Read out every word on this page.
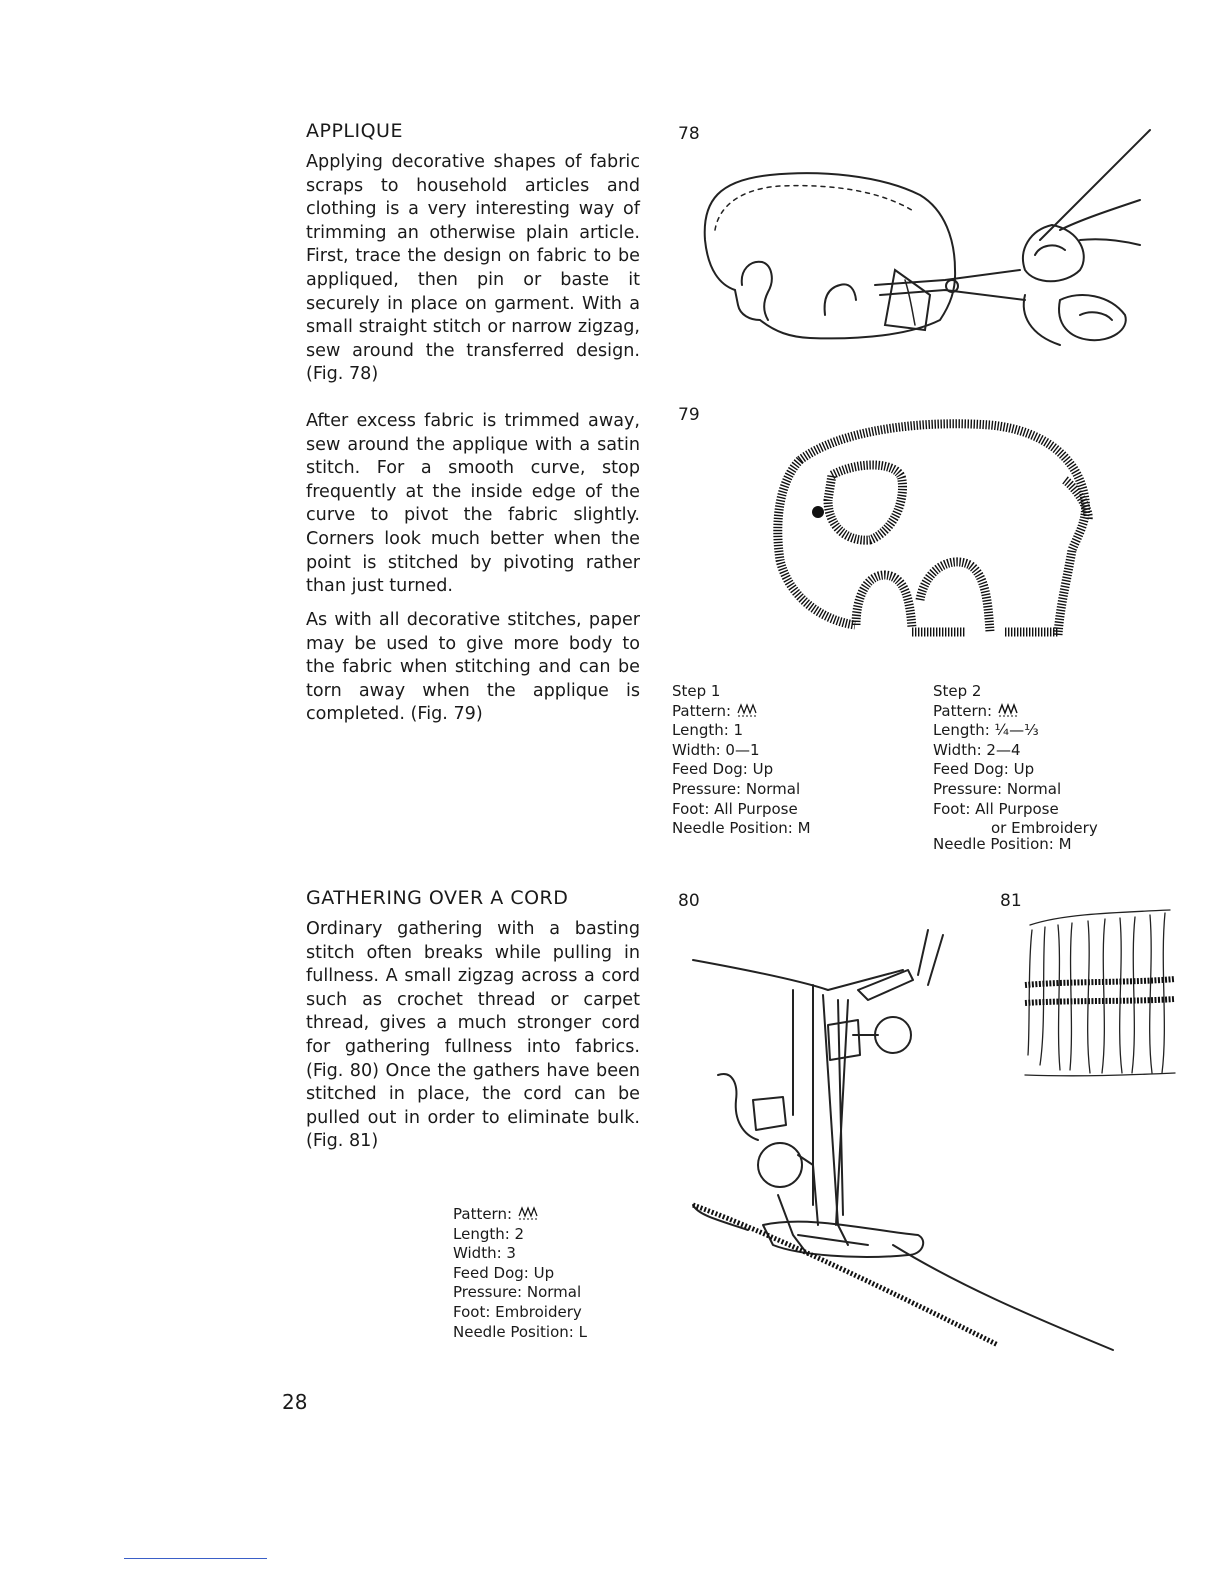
APPLIQUE

Applying decorative shapes of fabric scraps to household articles and clothing is a very interesting way of trimming an otherwise plain article. First, trace the design on fabric to be appliqued, then pin or baste it securely in place on garment. With a small straight stitch or narrow zigzag, sew around the transferred design. (Fig. 78)

After excess fabric is trimmed away, sew around the applique with a satin stitch. For a smooth curve, stop frequently at the inside edge of the curve to pivot the fabric slightly. Corners look much better when the point is stitched by pivoting rather than just turned.

As with all decorative stitches, paper may be used to give more body to the fabric when stitching and can be torn away when the applique is completed. (Fig. 79)

78
79
Step 1
Pattern:
Length: 1
Width: 0—1
Feed Dog: Up
Pressure: Normal
Foot: All Purpose
Needle Position: M
Step 2
Pattern:
Length: ¼—⅓
Width: 2—4
Feed Dog: Up
Pressure: Normal
Foot: All Purpose
or Embroidery
Needle Position: M
GATHERING OVER A CORD

Ordinary gathering with a basting stitch often breaks while pulling in fullness. A small zigzag across a cord such as crochet thread or carpet thread, gives a much stronger cord for gathering fullness into fabrics. (Fig. 80) Once the gathers have been stitched in place, the cord can be pulled out in order to eliminate bulk. (Fig. 81)

Pattern:
Length: 2
Width: 3
Feed Dog: Up
Pressure: Normal
Foot: Embroidery
Needle Position: L
80	81
28
